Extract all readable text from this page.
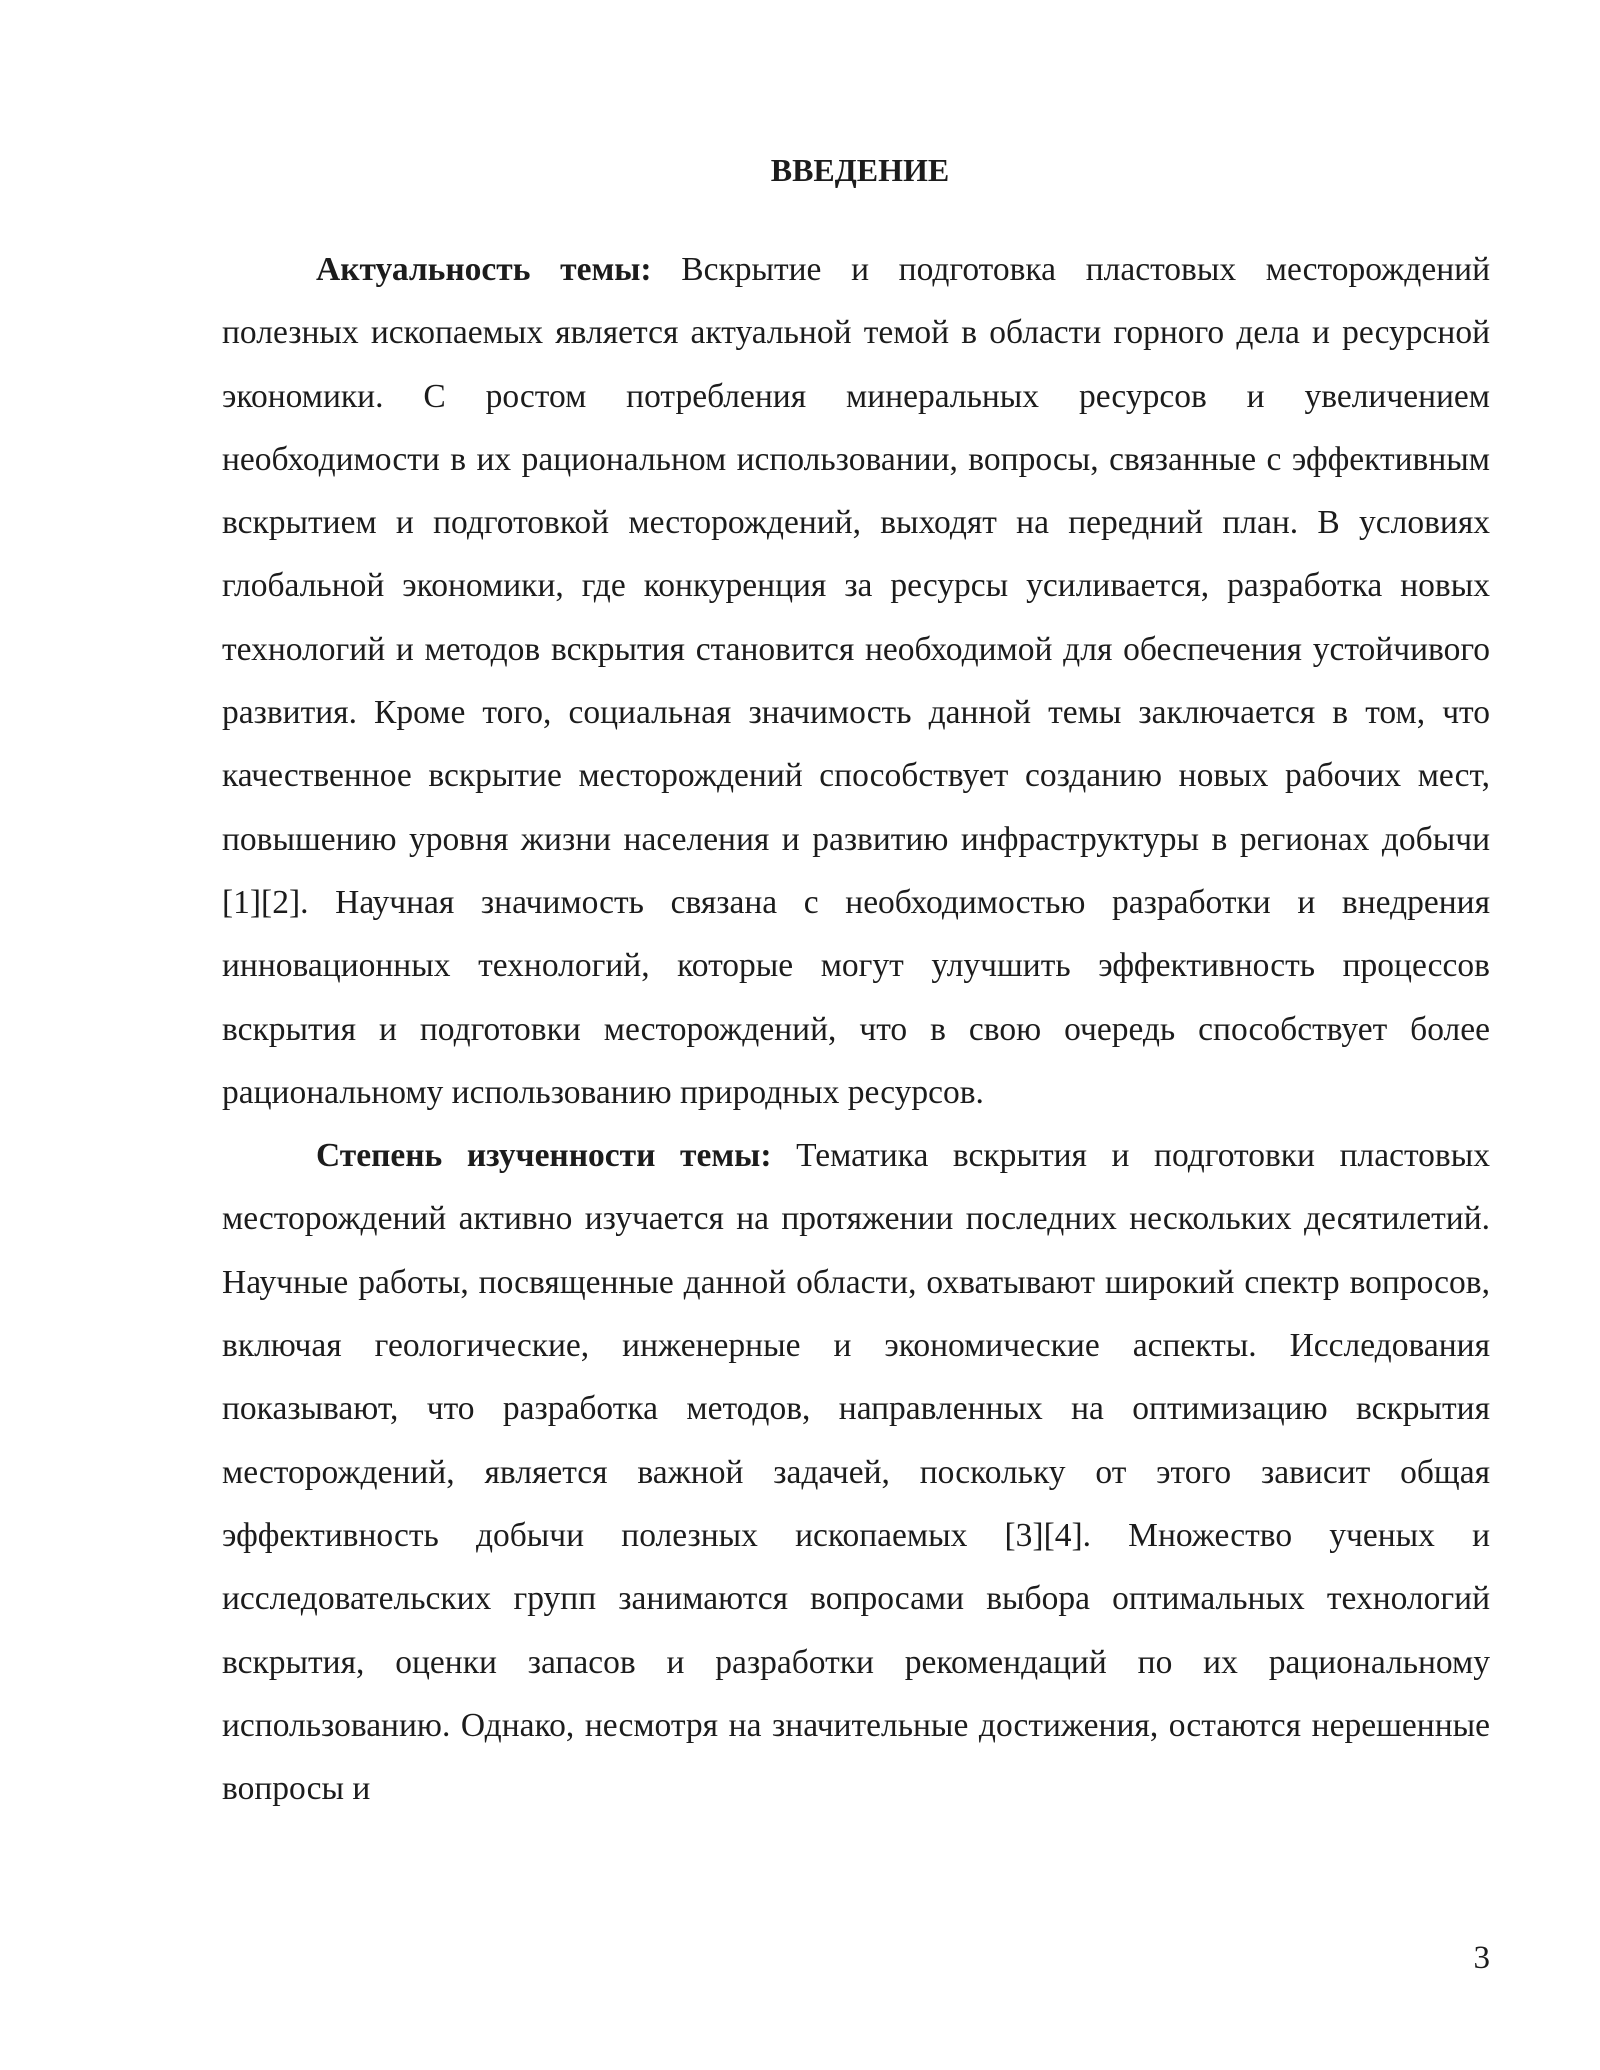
ВВЕДЕНИЕ

Актуальность темы: Вскрытие и подготовка пластовых месторождений полезных ископаемых является актуальной темой в области горного дела и ресурсной экономики. С ростом потребления минеральных ресурсов и увеличением необходимости в их рациональном использовании, вопросы, связанные с эффективным вскрытием и подготовкой месторождений, выходят на передний план. В условиях глобальной экономики, где конкуренция за ресурсы усиливается, разработка новых технологий и методов вскрытия становится необходимой для обеспечения устойчивого развития. Кроме того, социальная значимость данной темы заключается в том, что качественное вскрытие месторождений способствует созданию новых рабочих мест, повышению уровня жизни населения и развитию инфраструктуры в регионах добычи [1][2]. Научная значимость связана с необходимостью разработки и внедрения инновационных технологий, которые могут улучшить эффективность процессов вскрытия и подготовки месторождений, что в свою очередь способствует более рациональному использованию природных ресурсов.

Степень изученности темы: Тематика вскрытия и подготовки пластовых месторождений активно изучается на протяжении последних нескольких десятилетий. Научные работы, посвященные данной области, охватывают широкий спектр вопросов, включая геологические, инженерные и экономические аспекты. Исследования показывают, что разработка методов, направленных на оптимизацию вскрытия месторождений, является важной задачей, поскольку от этого зависит общая эффективность добычи полезных ископаемых [3][4]. Множество ученых и исследовательских групп занимаются вопросами выбора оптимальных технологий вскрытия, оценки запасов и разработки рекомендаций по их рациональному использованию. Однако, несмотря на значительные достижения, остаются нерешенные вопросы и

3
